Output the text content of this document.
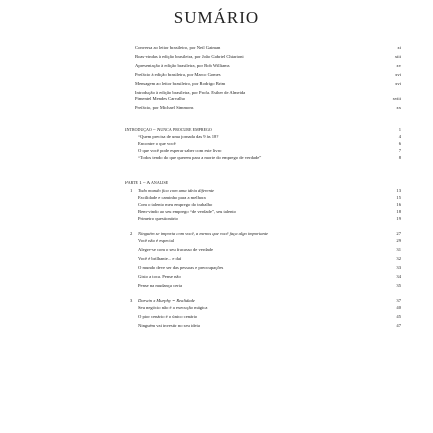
SUMÁRIO
Conversa ao leitor brasileiro, por Neil Gaiman	xi
Boas-vindas à edição brasileira, por João Gabriel Chiarioni	xiii
Apresentação à edição brasileira, por Bob Williams	xv
Prefácio à edição brasileira, por Marco Gomes	xvi
Mensagem ao leitor brasileiro, por Rodrigo Brim	xvi
Introdução à edição brasileira, por Profa. Esther de Almeida
Pimentel Mendes Carvalho	xviii
Prefácio, por Michael Simmons	xx
Introdução – Nunca procure emprego	1
“Quem precisa de uma jornada das 9 às 18?	4
Encontre o que você	6
O que você pode esperar saber com este livro	7
“Todos tendo do que querem para a morte do emprego de verdade”	8
Parte 1 – A análise
1 Todo mundo fica com uma ideia diferente	13
Facilidade e caminho para a melhora	15
Com o talento meu emprego do trabalho	16
Bem-vindo ao seu emprego “de verdade”, seu talento	18
Primeiro questionário	19
2 Ninguém se importa com você, a menos que você faça algo importante	27
Você não é especial	29
Alegre-se com o seu fracasso de verdade	31
Você é brilhante... e daí	32
O mundo deve ser das pessoas e preocupações	33
Gisto a toca. Pense não	34
Pense na mudança certa	35
3 Darwin x Murphy = Realidade	37
Seu negócio não é a execução mágica	40
O pior cenário é o único cenário	45
Ninguém vai investir no seu ideia	47
